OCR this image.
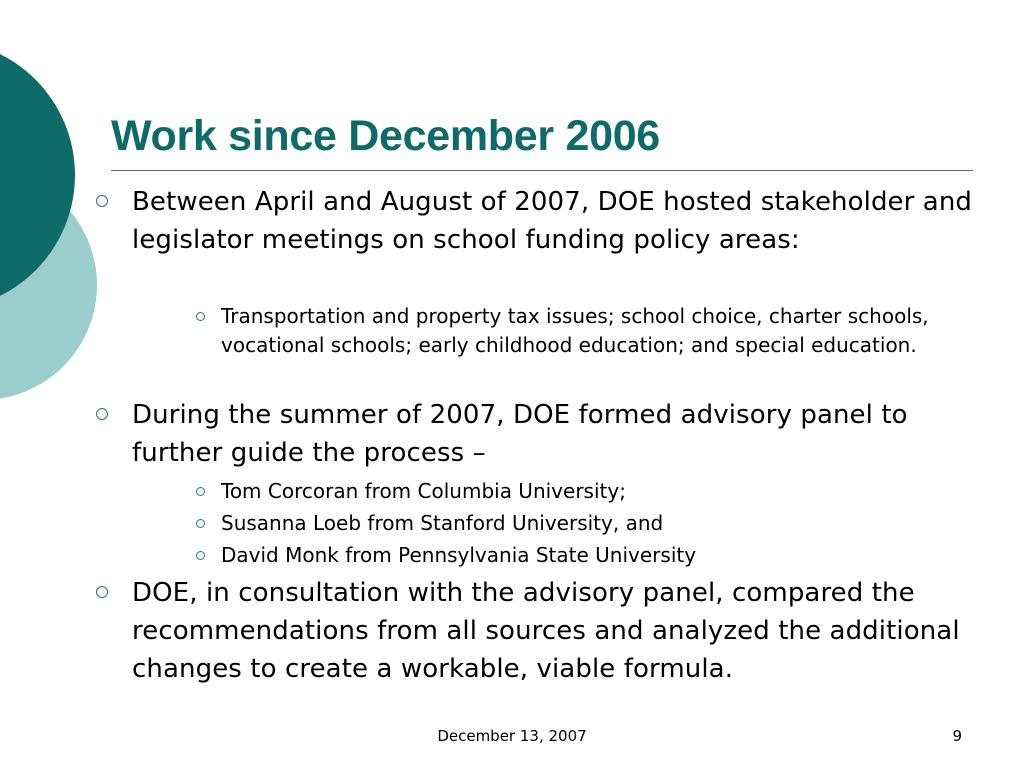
Work since December 2006
Between April and August of 2007, DOE hosted stakeholder and legislator meetings on school funding policy areas:
Transportation and property tax issues; school choice, charter schools, vocational schools; early childhood education; and special education.
During the summer of 2007, DOE formed advisory panel to further guide the process –
Tom Corcoran from Columbia University;
Susanna Loeb from Stanford University, and
David Monk from Pennsylvania State University
DOE, in consultation with the advisory panel, compared the recommendations from all sources and analyzed the additional changes to create a workable, viable formula.
December 13, 2007	9
